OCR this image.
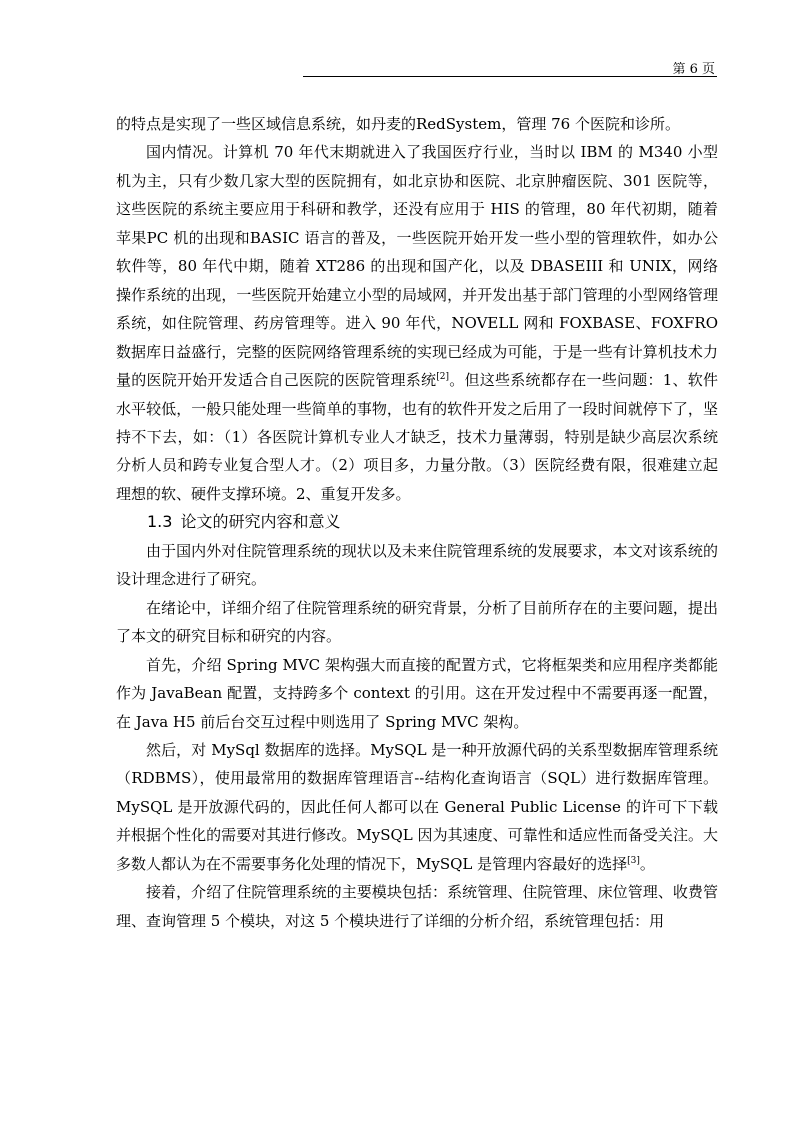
第 6 页

的特点是实现了一些区域信息系统，如丹麦的RedSystem，管理 76 个医院和诊所。

国内情况。计算机 70 年代末期就进入了我国医疗行业，当时以 IBM 的 M340 小型机为主，只有少数几家大型的医院拥有，如北京协和医院、北京肿瘤医院、301 医院等，这些医院的系统主要应用于科研和教学，还没有应用于 HIS 的管理，80 年代初期，随着苹果PC 机的出现和BASIC 语言的普及，一些医院开始开发一些小型的管理软件，如办公软件等，80 年代中期，随着 XT286 的出现和国产化，以及 DBASEIII 和 UNIX，网络操作系统的出现，一些医院开始建立小型的局域网，并开发出基于部门管理的小型网络管理系统，如住院管理、药房管理等。进入 90 年代，NOVELL 网和 FOXBASE、FOXFRO 数据库日益盛行，完整的医院网络管理系统的实现已经成为可能，于是一些有计算机技术力量的医院开始开发适合自己医院的医院管理系统[2]。但这些系统都存在一些问题：1、软件水平较低，一般只能处理一些简单的事物，也有的软件开发之后用了一段时间就停下了，坚持不下去，如：（1）各医院计算机专业人才缺乏，技术力量薄弱，特别是缺少高层次系统分析人员和跨专业复合型人才。（2）项目多，力量分散。（3）医院经费有限，很难建立起理想的软、硬件支撑环境。2、重复开发多。

1.3 论文的研究内容和意义

由于国内外对住院管理系统的现状以及未来住院管理系统的发展要求，本文对该系统的设计理念进行了研究。

在绪论中，详细介绍了住院管理系统的研究背景，分析了目前所存在的主要问题，提出了本文的研究目标和研究的内容。

首先，介绍 Spring MVC 架构强大而直接的配置方式，它将框架类和应用程序类都能作为 JavaBean 配置，支持跨多个 context 的引用。这在开发过程中不需要再逐一配置，在 Java H5 前后台交互过程中则选用了 Spring MVC 架构。

然后，对 MySql 数据库的选择。MySQL 是一种开放源代码的关系型数据库管理系统（RDBMS），使用最常用的数据库管理语言--结构化查询语言（SQL）进行数据库管理。MySQL 是开放源代码的，因此任何人都可以在 General Public License 的许可下下载并根据个性化的需要对其进行修改。MySQL 因为其速度、可靠性和适应性而备受关注。大多数人都认为在不需要事务化处理的情况下，MySQL 是管理内容最好的选择[3]。

接着，介绍了住院管理系统的主要模块包括：系统管理、住院管理、床位管理、收费管理、查询管理 5 个模块，对这 5 个模块进行了详细的分析介绍，系统管理包括：用
